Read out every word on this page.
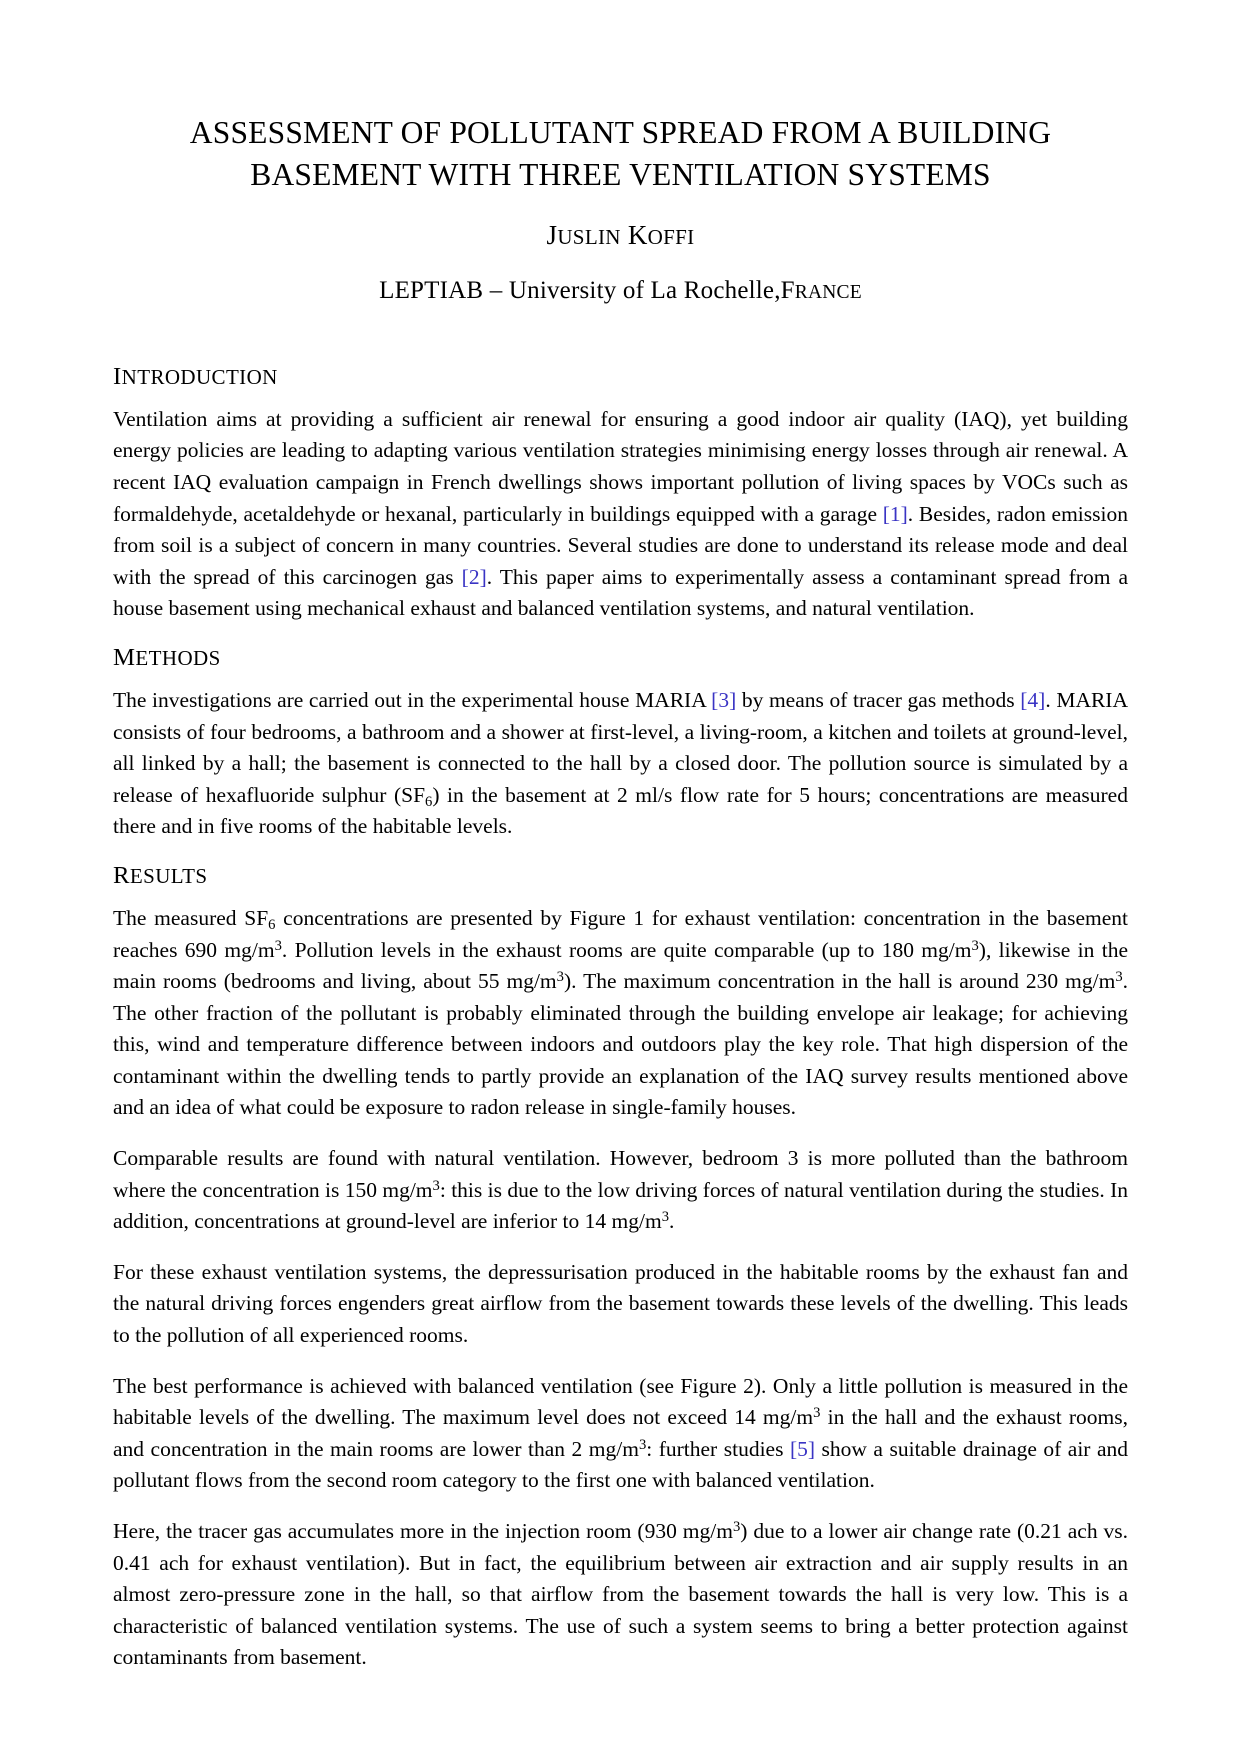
ASSESSMENT OF POLLUTANT SPREAD FROM A BUILDING
BASEMENT WITH THREE VENTILATION SYSTEMS
JUSLIN KOFFI
LEPTIAB – University of La Rochelle,FRANCE
INTRODUCTION

Ventilation aims at providing a sufficient air renewal for ensuring a good indoor air quality (IAQ), yet building energy policies are leading to adapting various ventilation strategies minimising energy losses through air renewal. A recent IAQ evaluation campaign in French dwellings shows important pollution of living spaces by VOCs such as formaldehyde, acetaldehyde or hexanal, particularly in buildings equipped with a garage [1]. Besides, radon emission from soil is a subject of concern in many countries. Several studies are done to understand its release mode and deal with the spread of this carcinogen gas [2]. This paper aims to experimentally assess a contaminant spread from a house basement using mechanical exhaust and balanced ventilation systems, and natural ventilation.

METHODS

The investigations are carried out in the experimental house MARIA [3] by means of tracer gas methods [4]. MARIA consists of four bedrooms, a bathroom and a shower at first-level, a living-room, a kitchen and toilets at ground-level, all linked by a hall; the basement is connected to the hall by a closed door. The pollution source is simulated by a release of hexafluoride sulphur $(SF_6)$ in the basement at 2 ml/s flow rate for 5 hours; concentrations are measured there and in five rooms of the habitable levels.

RESULTS

The measured $SF_6$ concentrations are presented by Figure 1 for exhaust ventilation: concentration in the basement reaches 690 $mg/m^3$. Pollution levels in the exhaust rooms are quite comparable (up to 180 $mg/m^3$), likewise in the main rooms (bedrooms and living, about 55 $mg/m^3$). The maximum concentration in the hall is around 230 $mg/m^3$. The other fraction of the pollutant is probably eliminated through the building envelope air leakage; for achieving this, wind and temperature difference between indoors and outdoors play the key role. That high dispersion of the contaminant within the dwelling tends to partly provide an explanation of the IAQ survey results mentioned above and an idea of what could be exposure to radon release in single-family houses.

Comparable results are found with natural ventilation. However, bedroom 3 is more polluted than the bathroom where the concentration is 150 $mg/m^3$: this is due to the low driving forces of natural ventilation during the studies. In addition, concentrations at ground-level are inferior to 14 $mg/m^3$.

For these exhaust ventilation systems, the depressurisation produced in the habitable rooms by the exhaust fan and the natural driving forces engenders great airflow from the basement towards these levels of the dwelling. This leads to the pollution of all experienced rooms.

The best performance is achieved with balanced ventilation (see Figure 2). Only a little pollution is measured in the habitable levels of the dwelling. The maximum level does not exceed 14 $mg/m^3$ in the hall and the exhaust rooms, and concentration in the main rooms are lower than 2 $mg/m^3$: further studies [5] show a suitable drainage of air and pollutant flows from the second room category to the first one with balanced ventilation.

Here, the tracer gas accumulates more in the injection room (930 $mg/m^3$) due to a lower air change rate (0.21 ach vs. 0.41 ach for exhaust ventilation). But in fact, the equilibrium between air extraction and air supply results in an almost zero-pressure zone in the hall, so that airflow from the basement towards the hall is very low. This is a characteristic of balanced ventilation systems. The use of such a system seems to bring a better protection against contaminants from basement.
